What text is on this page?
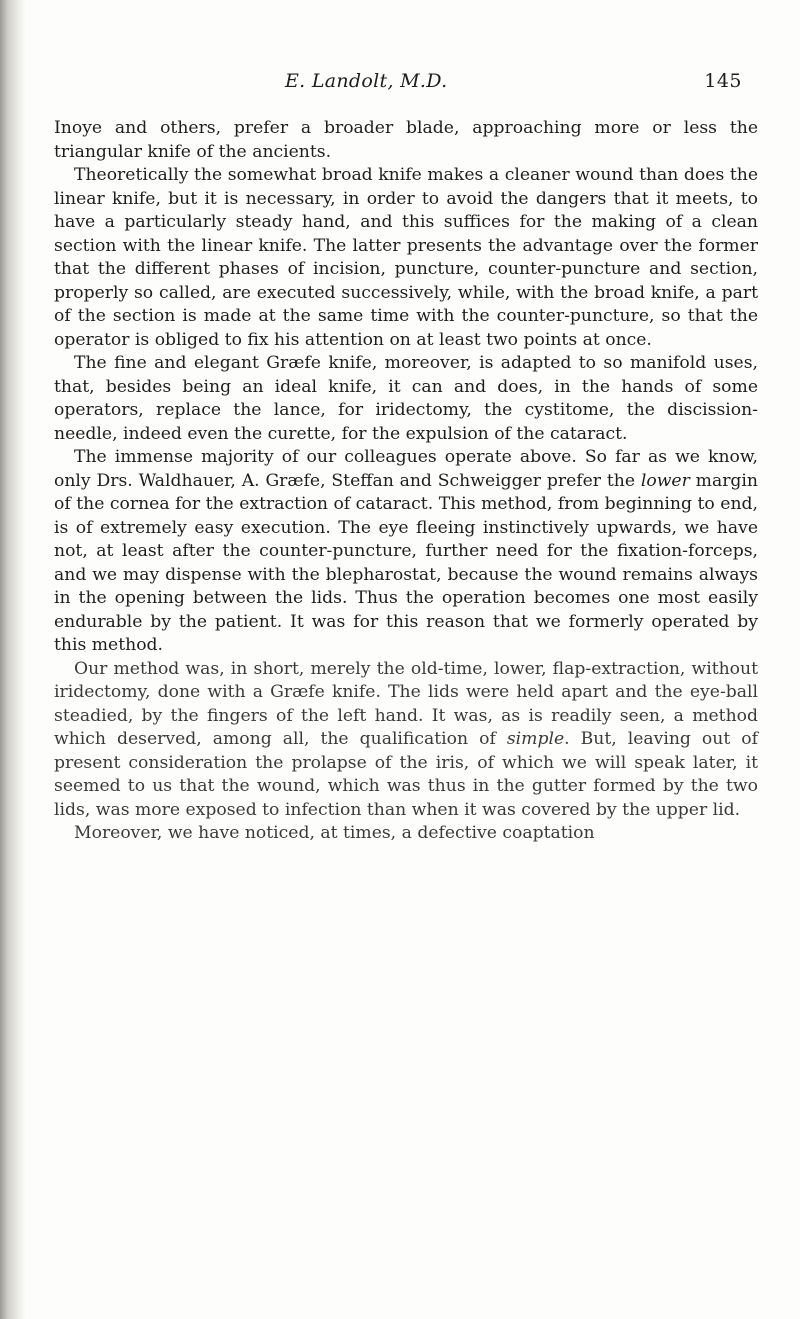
E. Landolt, M.D.	145

Inoye and others, prefer a broader blade, approaching more or less the triangular knife of the ancients.

Theoretically the somewhat broad knife makes a cleaner wound than does the linear knife, but it is necessary, in order to avoid the dangers that it meets, to have a particularly steady hand, and this suffices for the making of a clean section with the linear knife. The latter presents the advantage over the former that the different phases of incision, puncture, counter-puncture and section, properly so called, are executed successively, while, with the broad knife, a part of the section is made at the same time with the counter-puncture, so that the operator is obliged to fix his attention on at least two points at once.

The fine and elegant Græfe knife, moreover, is adapted to so manifold uses, that, besides being an ideal knife, it can and does, in the hands of some operators, replace the lance, for iridectomy, the cystitome, the discission-needle, indeed even the curette, for the expulsion of the cataract.

The immense majority of our colleagues operate above. So far as we know, only Drs. Waldhauer, A. Græfe, Steffan and Schweigger prefer the lower margin of the cornea for the extraction of cataract. This method, from beginning to end, is of extremely easy execution. The eye fleeing instinctively upwards, we have not, at least after the counter-puncture, further need for the fixation-forceps, and we may dispense with the blepharostat, because the wound remains always in the opening between the lids. Thus the operation becomes one most easily endurable by the patient. It was for this reason that we formerly operated by this method.

Our method was, in short, merely the old-time, lower, flap-extraction, without iridectomy, done with a Græfe knife. The lids were held apart and the eye-ball steadied, by the fingers of the left hand. It was, as is readily seen, a method which deserved, among all, the qualification of simple. But, leaving out of present consideration the prolapse of the iris, of which we will speak later, it seemed to us that the wound, which was thus in the gutter formed by the two lids, was more exposed to infection than when it was covered by the upper lid.

Moreover, we have noticed, at times, a defective coaptation
